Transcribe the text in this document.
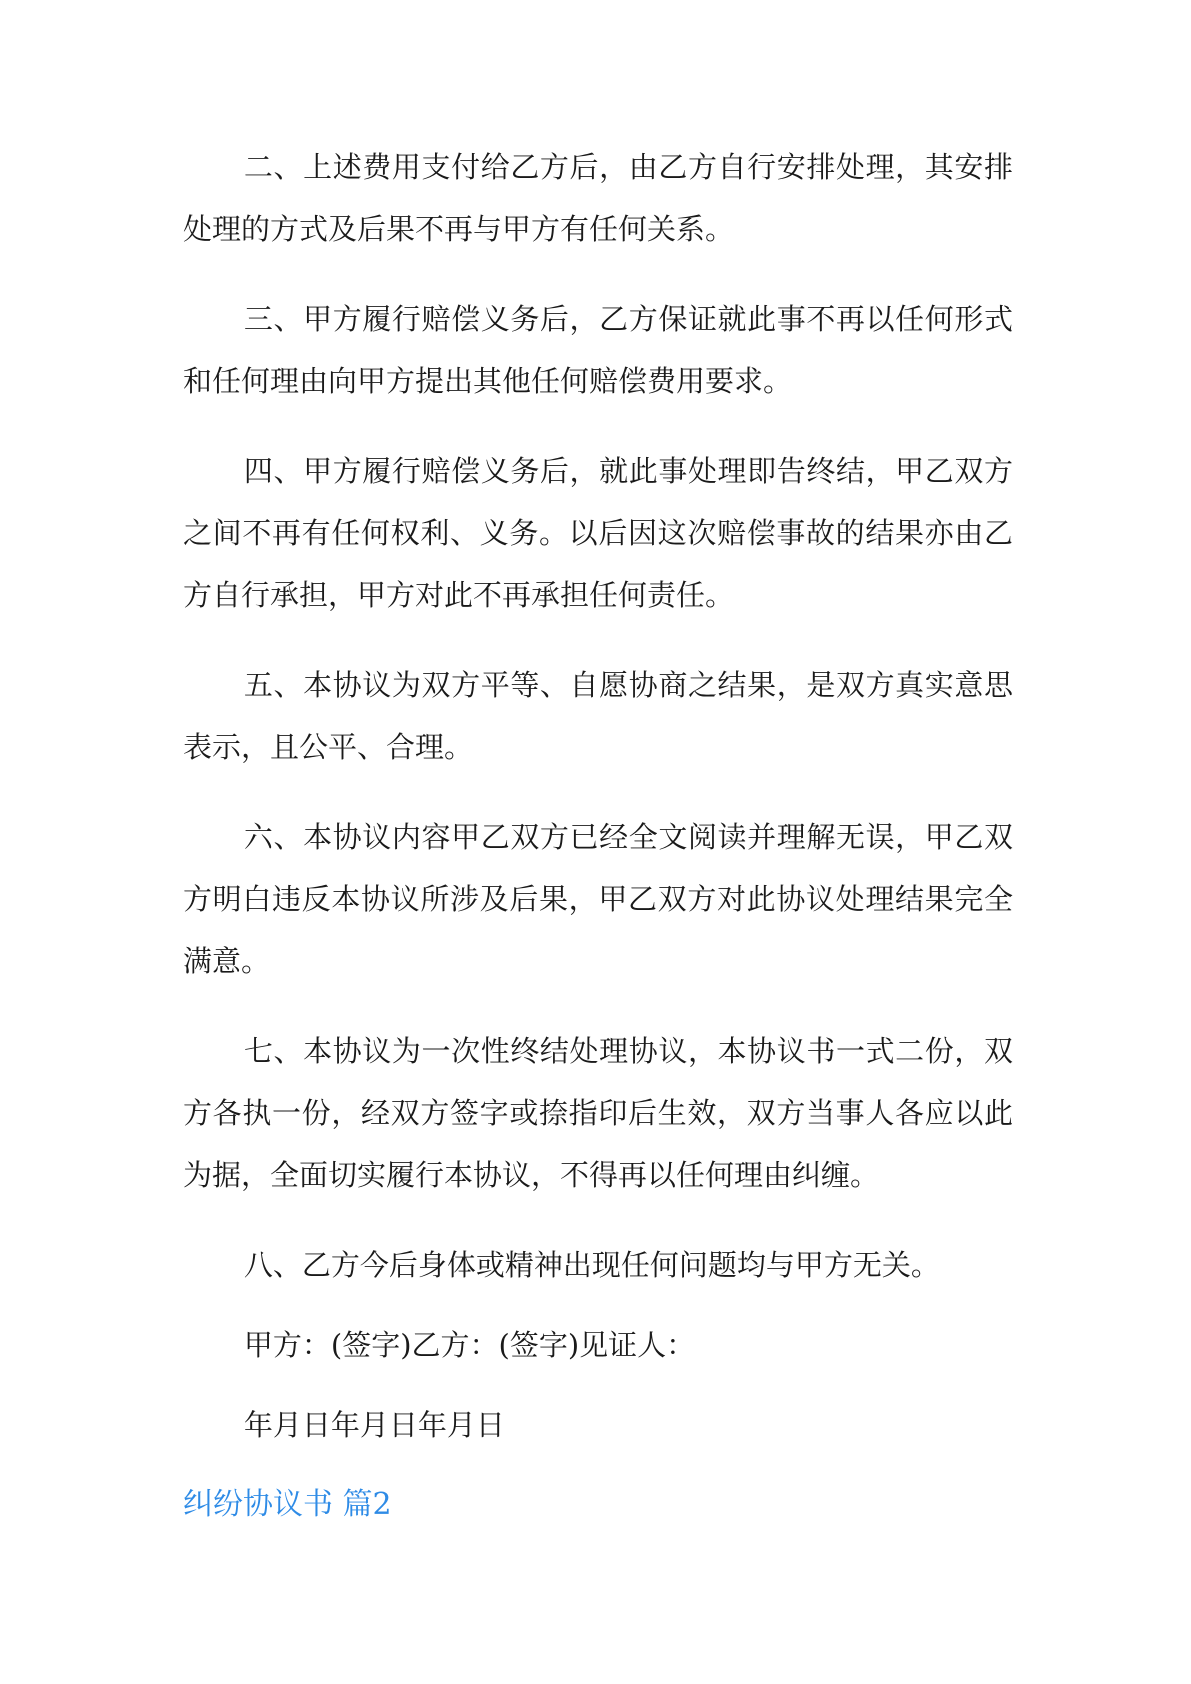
二、上述费用支付给乙方后，由乙方自行安排处理，其安排处理的方式及后果不再与甲方有任何关系。

三、甲方履行赔偿义务后，乙方保证就此事不再以任何形式和任何理由向甲方提出其他任何赔偿费用要求。

四、甲方履行赔偿义务后，就此事处理即告终结，甲乙双方之间不再有任何权利、义务。以后因这次赔偿事故的结果亦由乙方自行承担，甲方对此不再承担任何责任。

五、本协议为双方平等、自愿协商之结果，是双方真实意思表示，且公平、合理。

六、本协议内容甲乙双方已经全文阅读并理解无误，甲乙双方明白违反本协议所涉及后果，甲乙双方对此协议处理结果完全满意。

七、本协议为一次性终结处理协议，本协议书一式二份，双方各执一份，经双方签字或捺指印后生效，双方当事人各应以此为据，全面切实履行本协议，不得再以任何理由纠缠。

八、乙方今后身体或精神出现任何问题均与甲方无关。

甲方：(签字)乙方：(签字)见证人：

年月日年月日年月日

纠纷协议书 篇2
